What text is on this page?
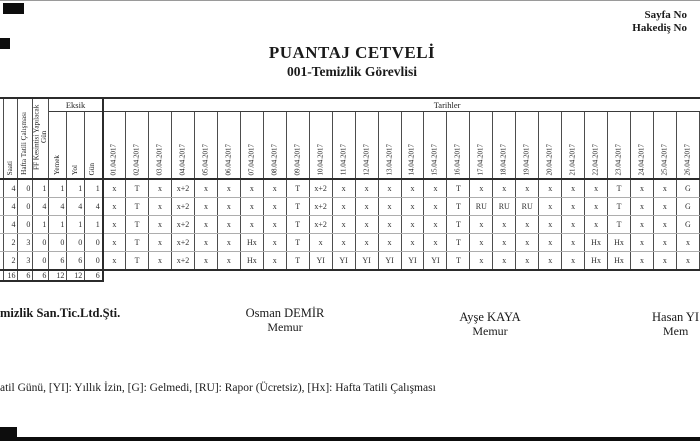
Sayfa No
Hakediş No
PUANTAJ CETVELİ
001-Temizlik Görevlisi

	Saati	Hafta Tatili Çalışması	FF Kesintisi Yapılacak Gün	Eksik			Tarihler																									

				Yemek	Yol	Gün	01.04.2017	02.04.2017	03.04.2017	04.04.2017	05.04.2017	06.04.2017	07.04.2017	08.04.2017	09.04.2017	10.04.2017	11.04.2017	12.04.2017	13.04.2017	14.04.2017	15.04.2017	16.04.2017	17.04.2017	18.04.2017	19.04.2017	20.04.2017	21.04.2017	22.04.2017	23.04.2017	24.04.2017	25.04.2017	26.04.2017

	4	0	1	1	1	1	x	T	x	x+2	x	x	x	x	T	x+2	x	x	x	x	x	T	x	x	x	x	x	x	T	x	x	G
	4	0	4	4	4	4	x	T	x	x+2	x	x	x	x	T	x+2	x	x	x	x	x	T	RU	RU	RU	x	x	x	T	x	x	G
	4	0	1	1	1	1	x	T	x	x+2	x	x	x	x	T	x+2	x	x	x	x	x	T	x	x	x	x	x	x	T	x	x	G
	2	3	0	0	0	0	x	T	x	x+2	x	x	Hx	x	T	x	x	x	x	x	x	T	x	x	x	x	x	Hx	Hx	x	x	x
	2	3	0	6	6	0	x	T	x	x+2	x	x	Hx	x	T	YI	YI	YI	YI	YI	YI	T	x	x	x	x	x	Hx	Hx	x	x	x
	16	6	6	12	12	6																										
mizlik San.Tic.Ltd.Şti.	Osman DEMİR
Memur
Ayşe KAYA
Memur
Hasan YI
Mem
atil Günü, [YI]: Yıllık İzin, [G]: Gelmedi, [RU]: Rapor (Ücretsiz), [Hx]: Hafta Tatili Çalışması
